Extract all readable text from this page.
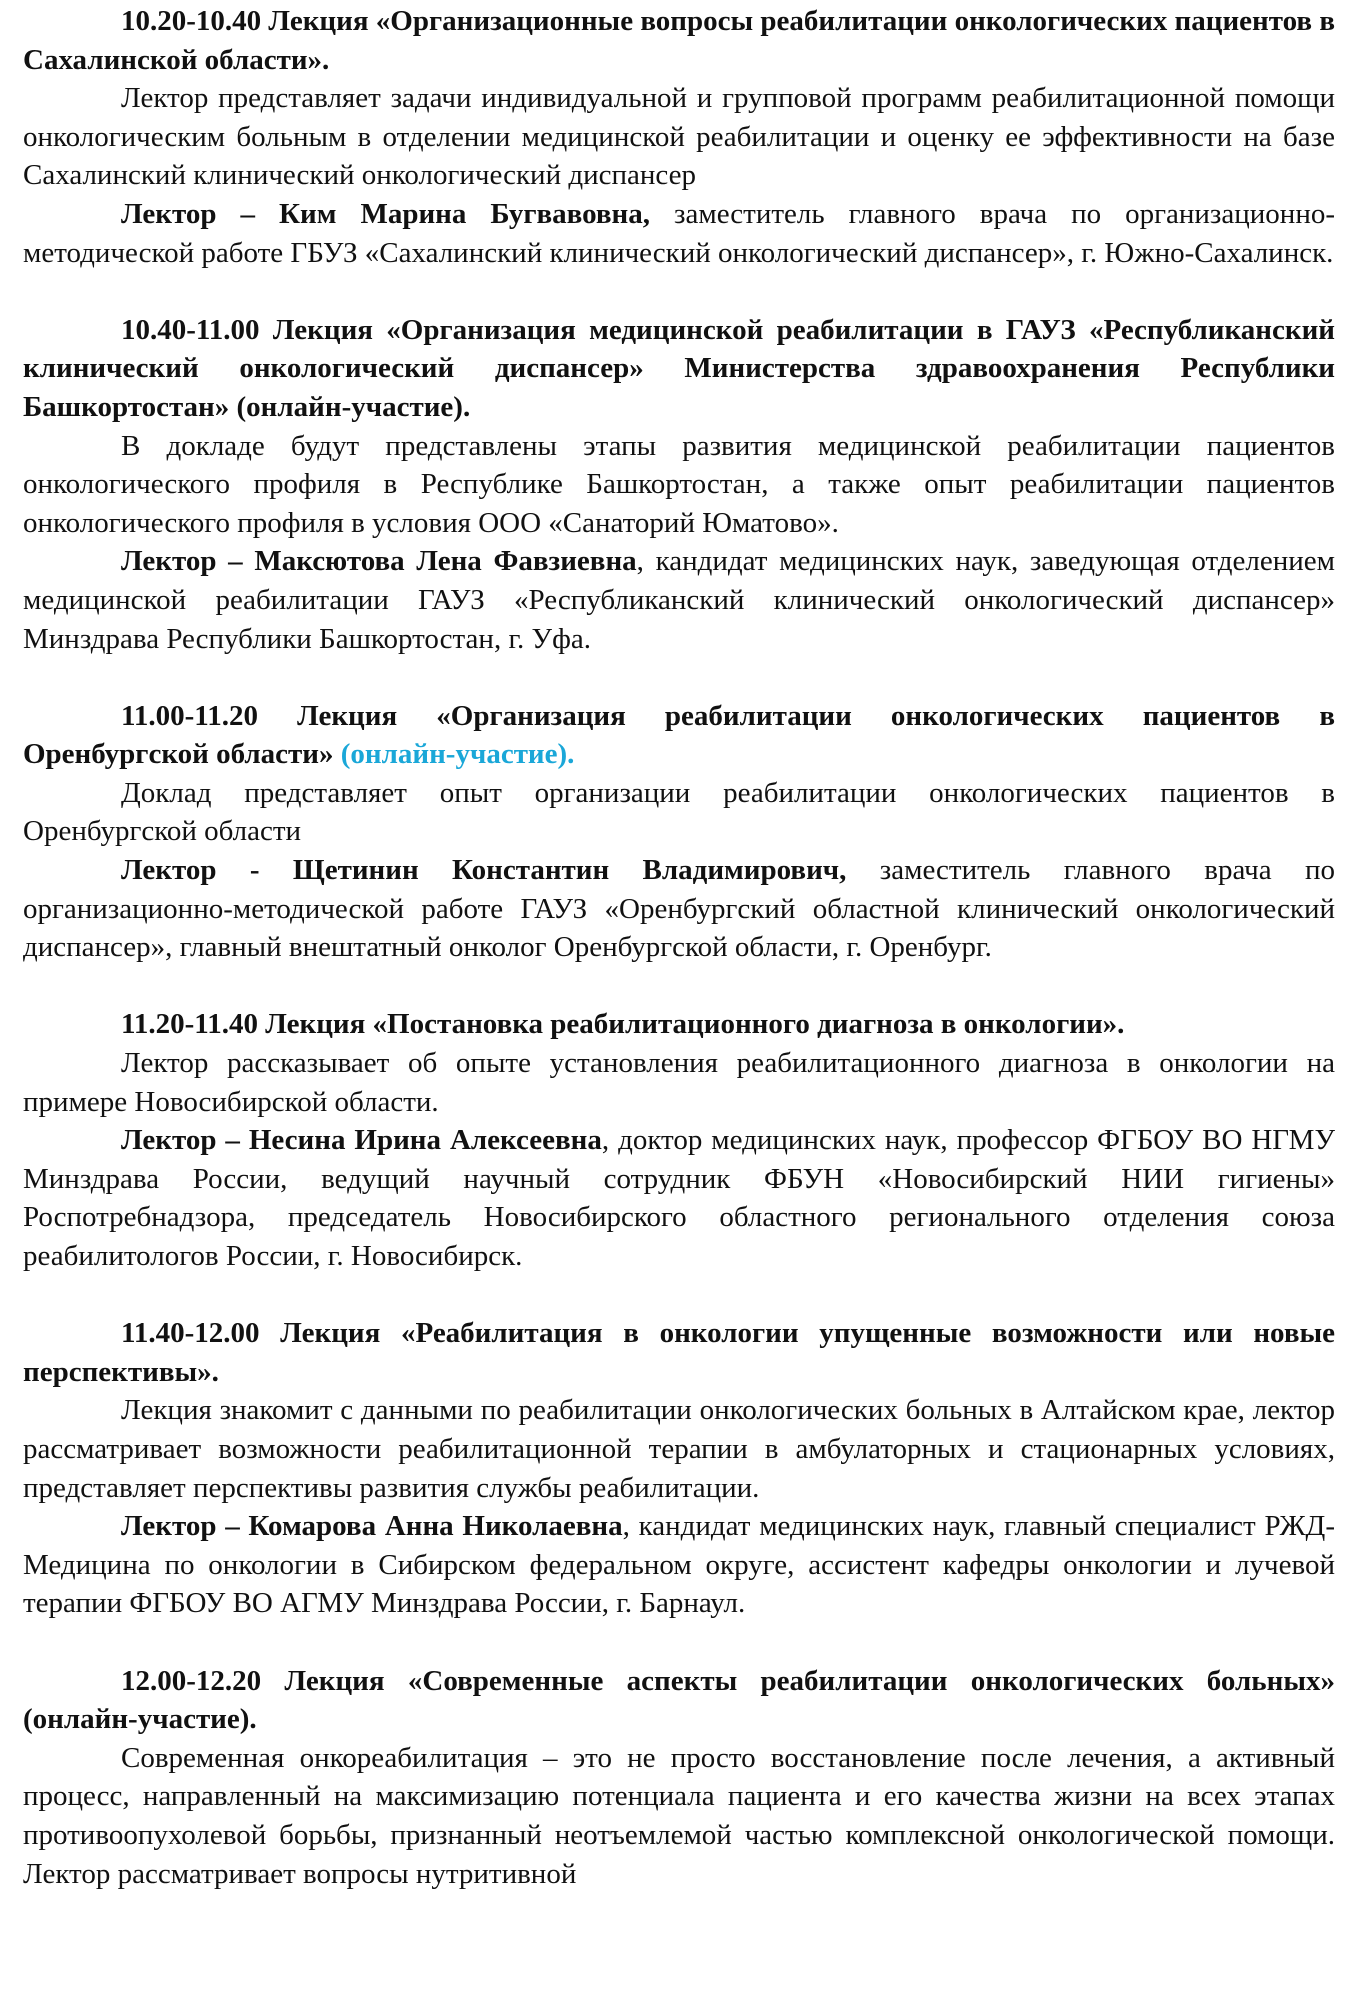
10.20-10.40 Лекция «Организационные вопросы реабилитации онкологических пациентов в Сахалинской области».

Лектор представляет задачи индивидуальной и групповой программ реабилитационной помощи онкологическим больным в отделении медицинской реабилитации и оценку ее эффективности на базе Сахалинский клинический онкологический диспансер

Лектор – Ким Марина Бугвавовна, заместитель главного врача по организационно-методической работе ГБУЗ «Сахалинский клинический онкологический диспансер», г. Южно-Сахалинск.

10.40-11.00 Лекция «Организация медицинской реабилитации в ГАУЗ «Республиканский клинический онкологический диспансер» Министерства здравоохранения Республики Башкортостан» (онлайн-участие).

В докладе будут представлены этапы развития медицинской реабилитации пациентов онкологического профиля в Республике Башкортостан, а также опыт реабилитации пациентов онкологического профиля в условия ООО «Санаторий Юматово».

Лектор – Максютова Лена Фавзиевна, кандидат медицинских наук, заведующая отделением медицинской реабилитации ГАУЗ «Республиканский клинический онкологический диспансер» Минздрава Республики Башкортостан, г. Уфа.

11.00-11.20 Лекция «Организация реабилитации онкологических пациентов в Оренбургской области» (онлайн-участие).

Доклад представляет опыт организации реабилитации онкологических пациентов в Оренбургской области

Лектор - Щетинин Константин Владимирович, заместитель главного врача по организационно-методической работе ГАУЗ «Оренбургский областной клинический онкологический диспансер», главный внештатный онколог Оренбургской области, г. Оренбург.

11.20-11.40 Лекция «Постановка реабилитационного диагноза в онкологии».

Лектор рассказывает об опыте установления реабилитационного диагноза в онкологии на примере Новосибирской области.

Лектор – Несина Ирина Алексеевна, доктор медицинских наук, профессор ФГБОУ ВО НГМУ Минздрава России, ведущий научный сотрудник ФБУН «Новосибирский НИИ гигиены» Роспотребнадзора, председатель Новосибирского областного регионального отделения союза реабилитологов России, г. Новосибирск.

11.40-12.00 Лекция «Реабилитация в онкологии упущенные возможности или новые перспективы».

Лекция знакомит с данными по реабилитации онкологических больных в Алтайском крае, лектор рассматривает возможности реабилитационной терапии в амбулаторных и стационарных условиях, представляет перспективы развития службы реабилитации.

Лектор – Комарова Анна Николаевна, кандидат медицинских наук, главный специалист РЖД-Медицина по онкологии в Сибирском федеральном округе, ассистент кафедры онкологии и лучевой терапии ФГБОУ ВО АГМУ Минздрава России, г. Барнаул.

12.00-12.20 Лекция «Современные аспекты реабилитации онкологических больных» (онлайн-участие).

Современная онкореабилитация – это не просто восстановление после лечения, а активный процесс, направленный на максимизацию потенциала пациента и его качества жизни на всех этапах противоопухолевой борьбы, признанный неотъемлемой частью комплексной онкологической помощи. Лектор рассматривает вопросы нутритивной
